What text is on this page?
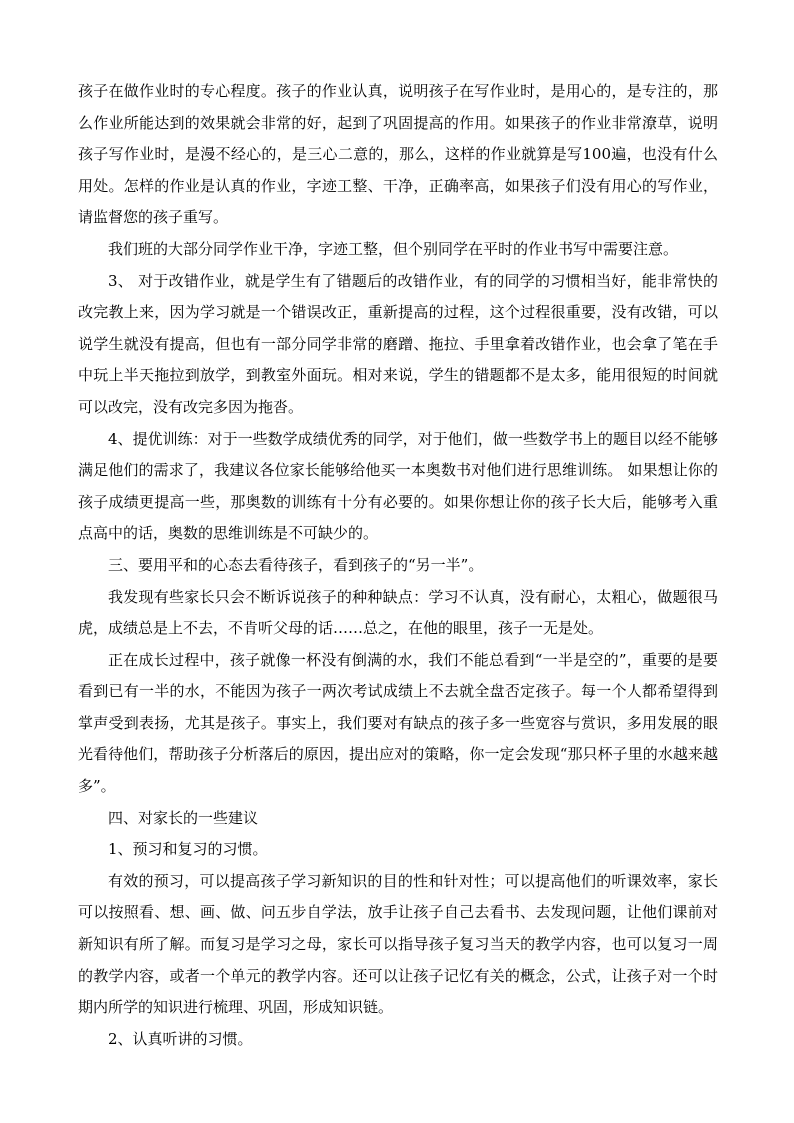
孩子在做作业时的专心程度。孩子的作业认真，说明孩子在写作业时，是用心的，是专注的，那么作业所能达到的效果就会非常的好，起到了巩固提高的作用。如果孩子的作业非常潦草，说明孩子写作业时，是漫不经心的，是三心二意的，那么，这样的作业就算是写100遍，也没有什么用处。怎样的作业是认真的作业，字迹工整、干净，正确率高，如果孩子们没有用心的写作业，请监督您的孩子重写。

我们班的大部分同学作业干净，字迹工整，但个别同学在平时的作业书写中需要注意。

3、 对于改错作业，就是学生有了错题后的改错作业，有的同学的习惯相当好，能非常快的改完教上来，因为学习就是一个错误改正，重新提高的过程，这个过程很重要，没有改错，可以说学生就没有提高，但也有一部分同学非常的磨蹭、拖拉、手里拿着改错作业，也会拿了笔在手中玩上半天拖拉到放学，到教室外面玩。相对来说，学生的错题都不是太多，能用很短的时间就可以改完，没有改完多因为拖沓。

4、提优训练：对于一些数学成绩优秀的同学，对于他们，做一些数学书上的题目以经不能够满足他们的需求了，我建议各位家长能够给他买一本奥数书对他们进行思维训练。 如果想让你的孩子成绩更提高一些，那奥数的训练有十分有必要的。如果你想让你的孩子长大后，能够考入重点高中的话，奥数的思维训练是不可缺少的。

三、要用平和的心态去看待孩子，看到孩子的“另一半”。

我发现有些家长只会不断诉说孩子的种种缺点：学习不认真，没有耐心，太粗心，做题很马虎，成绩总是上不去，不肯听父母的话……总之，在他的眼里，孩子一无是处。

正在成长过程中，孩子就像一杯没有倒满的水，我们不能总看到“一半是空的”，重要的是要看到已有一半的水，不能因为孩子一两次考试成绩上不去就全盘否定孩子。每一个人都希望得到掌声受到表扬，尤其是孩子。事实上，我们要对有缺点的孩子多一些宽容与赏识，多用发展的眼光看待他们，帮助孩子分析落后的原因，提出应对的策略，你一定会发现“那只杯子里的水越来越多”。

四、对家长的一些建议

1、预习和复习的习惯。

有效的预习，可以提高孩子学习新知识的目的性和针对性；可以提高他们的听课效率，家长可以按照看、想、画、做、问五步自学法，放手让孩子自己去看书、去发现问题，让他们课前对新知识有所了解。而复习是学习之母，家长可以指导孩子复习当天的教学内容，也可以复习一周的教学内容，或者一个单元的教学内容。还可以让孩子记忆有关的概念，公式，让孩子对一个时期内所学的知识进行梳理、巩固，形成知识链。

2、认真听讲的习惯。
